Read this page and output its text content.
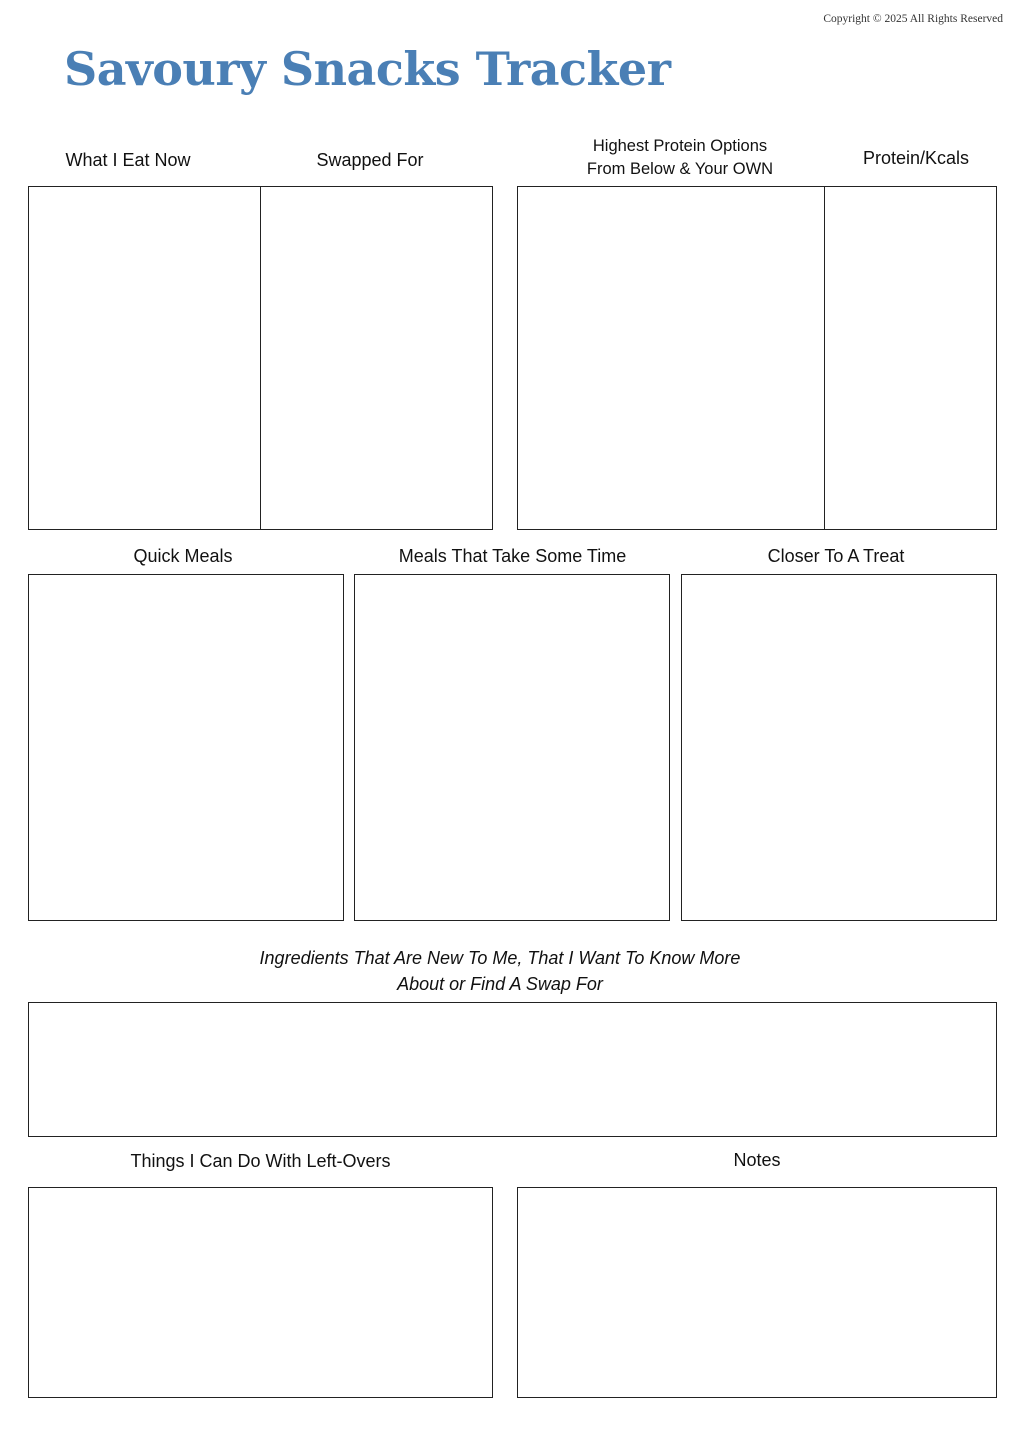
Copyright © 2025 All Rights Reserved
Savoury Snacks Tracker
What I Eat Now	Swapped For
Highest Protein Options
From Below & Your OWN
Protein/Kcals
Quick Meals	Meals That Take Some Time	Closer To A Treat
Ingredients That Are New To Me, That I Want To Know More
About or Find A Swap For
Things I Can Do With Left-Overs	Notes
